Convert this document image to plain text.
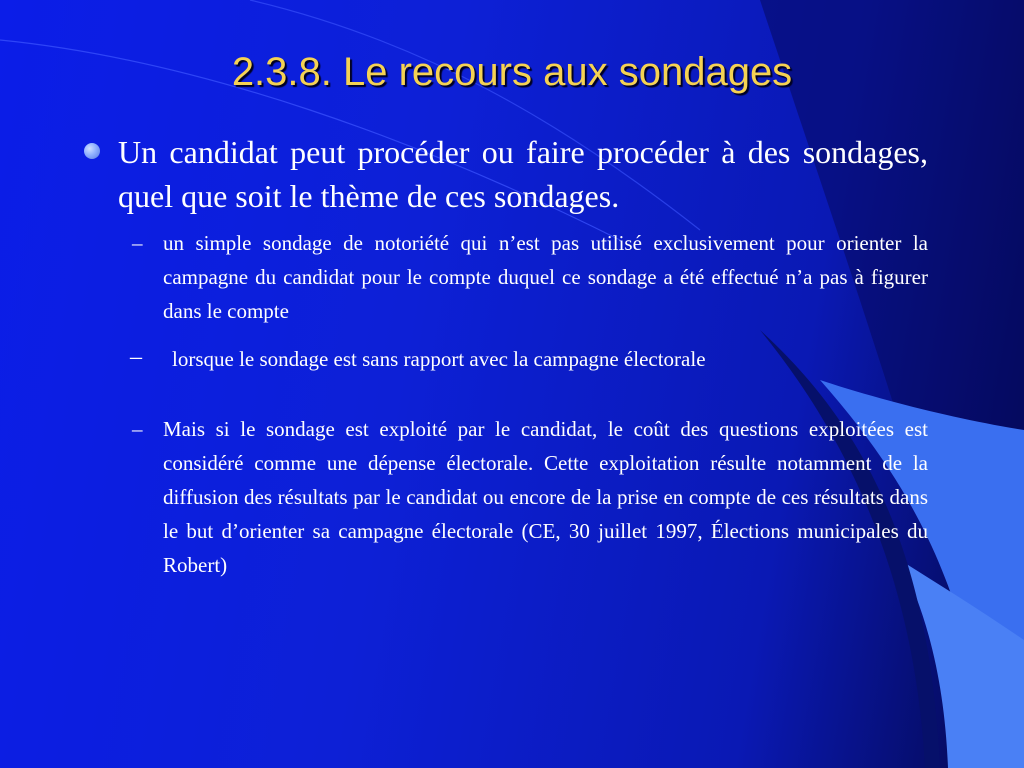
2.3.8. Le recours aux sondages
Un candidat peut procéder ou faire procéder à des sondages, quel que soit le thème de ces sondages.
– un simple sondage de notoriété qui n’est pas utilisé exclusivement pour orienter la campagne du candidat pour le compte duquel ce sondage a été effectué n’a pas à figurer dans le compte
– lorsque le sondage est sans rapport avec la campagne électorale
– Mais si le sondage est exploité par le candidat, le coût des questions exploitées est considéré comme une dépense électorale. Cette exploitation résulte notamment de la diffusion des résultats par le candidat ou encore de la prise en compte de ces résultats dans le but d’orienter sa campagne électorale (CE, 30 juillet 1997, Élections municipales du Robert)
